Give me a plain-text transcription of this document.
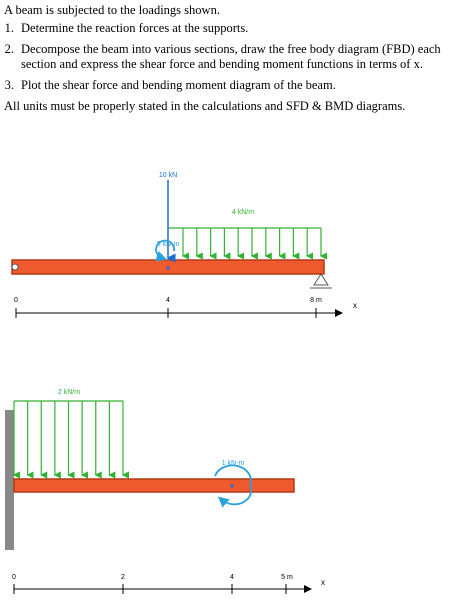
A beam is subjected to the loadings shown.
1. Determine the reaction forces at the supports.
2. Decompose the beam into various sections, draw the free body diagram (FBD) each section and express the shear force and bending moment functions in terms of x.
3. Plot the shear force and bending moment diagram of the beam.
All units must be properly stated in the calculations and SFD & BMD diagrams.
10 kN
4 kN/m
5 kN-m
0	4	8 m
x
2 kN/m
1 kN-m
0	2	4	5 m
x
